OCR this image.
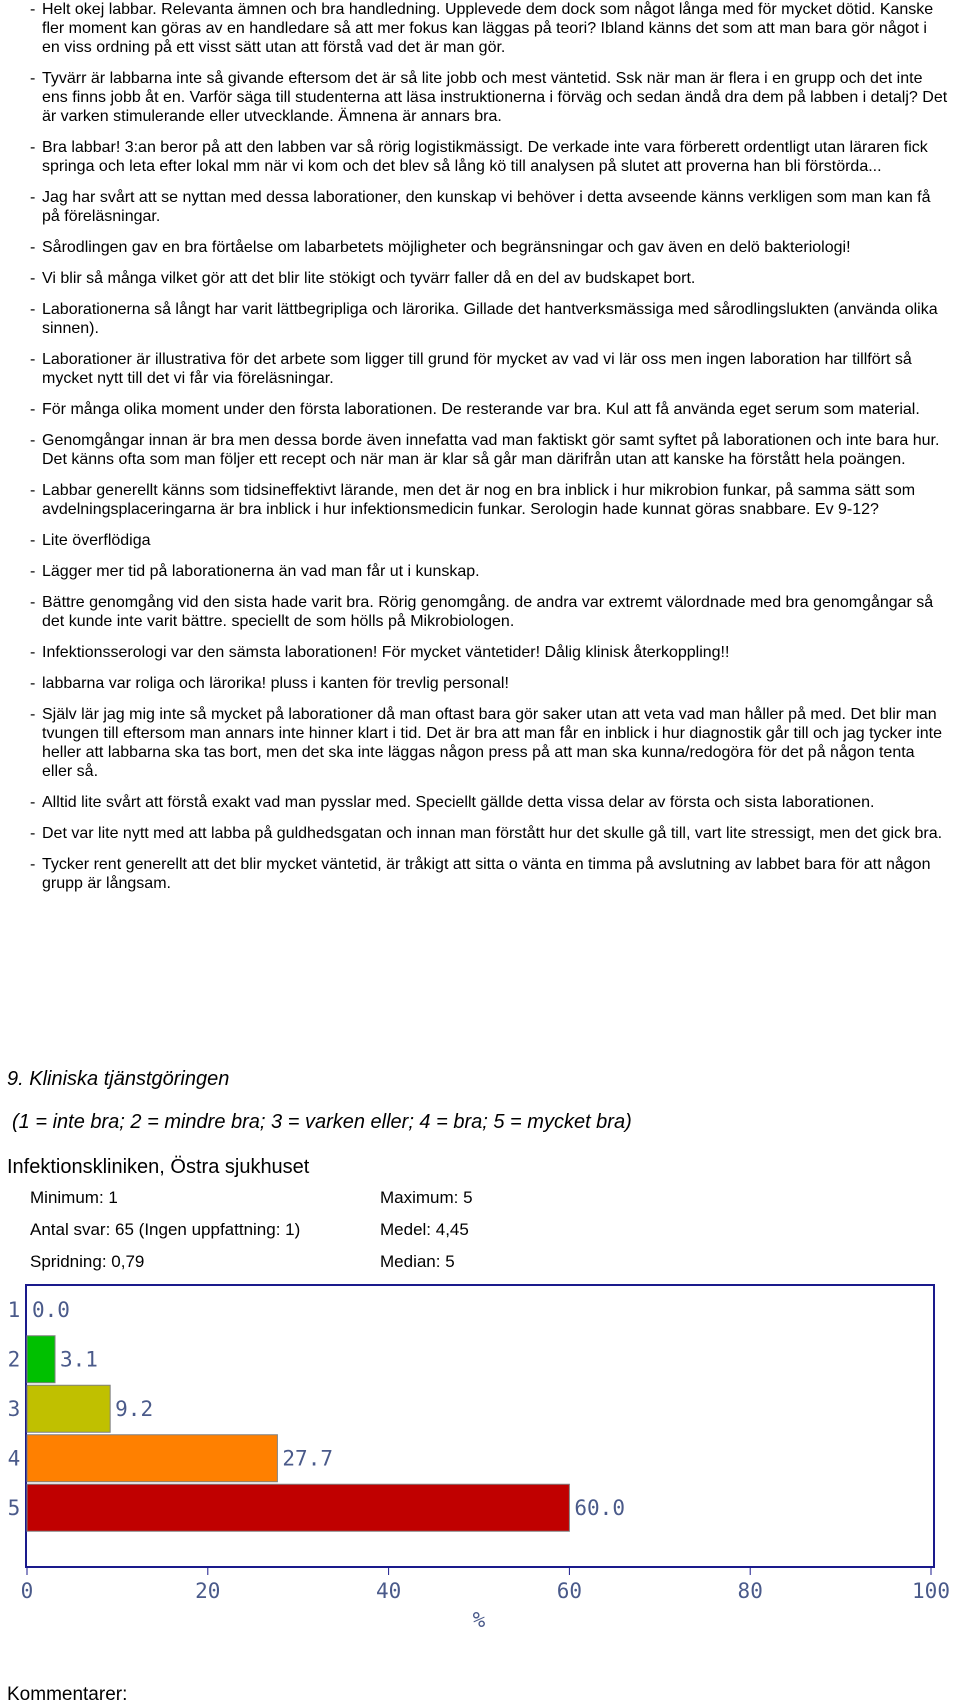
- Helt okej labbar. Relevanta ämnen och bra handledning. Upplevede dem dock som något långa med för mycket dötid. Kanske fler moment kan göras av en handledare så att mer fokus kan läggas på teori? Ibland känns det som att man bara gör något i en viss ordning på ett visst sätt utan att förstå vad det är man gör.
- Tyvärr är labbarna inte så givande eftersom det är så lite jobb och mest väntetid. Ssk när man är flera i en grupp och det inte ens finns jobb åt en. Varför säga till studenterna att läsa instruktionerna i förväg och sedan ändå dra dem på labben i detalj? Det är varken stimulerande eller utvecklande. Ämnena är annars bra.
- Bra labbar! 3:an beror på att den labben var så rörig logistikmässigt. De verkade inte vara förberett ordentligt utan läraren fick springa och leta efter lokal mm när vi kom och det blev så lång kö till analysen på slutet att proverna han bli förstörda...
- Jag har svårt att se nyttan med dessa laborationer, den kunskap vi behöver i detta avseende känns verkligen som man kan få på föreläsningar.
- Sårodlingen gav en bra förtåelse om labarbetets möjligheter och begränsningar och gav även en delö bakteriologi!
- Vi blir så många vilket gör att det blir lite stökigt och tyvärr faller då en del av budskapet bort.
- Laborationerna så långt har varit lättbegripliga och lärorika. Gillade det hantverksmässiga med sårodlingslukten (använda olika sinnen).
- Laborationer är illustrativa för det arbete som ligger till grund för mycket av vad vi lär oss men ingen laboration har tillfört så mycket nytt till det vi får via föreläsningar.
- För många olika moment under den första laborationen. De resterande var bra. Kul att få använda eget serum som material.
- Genomgångar innan är bra men dessa borde även innefatta vad man faktiskt gör samt syftet på laborationen och inte bara hur. Det känns ofta som man följer ett recept och när man är klar så går man därifrån utan att kanske ha förstått hela poängen.
- Labbar generellt känns som tidsineffektivt lärande, men det är nog en bra inblick i hur mikrobion funkar, på samma sätt som avdelningsplaceringarna är bra inblick i hur infektionsmedicin funkar. Serologin hade kunnat göras snabbare. Ev 9-12?
- Lite överflödiga
- Lägger mer tid på laborationerna än vad man får ut i kunskap.
- Bättre genomgång vid den sista hade varit bra. Rörig genomgång. de andra var extremt välordnade med bra genomgångar så det kunde inte varit bättre. speciellt de som hölls på Mikrobiologen.
- Infektionsserologi var den sämsta laborationen! För mycket väntetider! Dålig klinisk återkoppling!!
- labbarna var roliga och lärorika! pluss i kanten för trevlig personal!
- Själv lär jag mig inte så mycket på laborationer då man oftast bara gör saker utan att veta vad man håller på med. Det blir man tvungen till eftersom man annars inte hinner klart i tid. Det är bra att man får en inblick i hur diagnostik går till och jag tycker inte heller att labbarna ska tas bort, men det ska inte läggas någon press på att man ska kunna/redogöra för det på någon tenta eller så.
- Alltid lite svårt att förstå exakt vad man pysslar med. Speciellt gällde detta vissa delar av första och sista laborationen.
- Det var lite nytt med att labba på guldhedsgatan och innan man förstått hur det skulle gå till, vart lite stressigt, men det gick bra.
- Tycker rent generellt att det blir mycket väntetid, är tråkigt att sitta o vänta en timma på avslutning av labbet bara för att någon grupp är långsam.

9. Kliniska tjänstgöringen

(1 = inte bra; 2 = mindre bra; 3 = varken eller; 4 = bra; 5 = mycket bra)

Infektionskliniken, Östra sjukhuset

Minimum: 1	Maximum: 5
Antal svar: 65 (Ingen uppfattning: 1)	Medel: 4,45
Spridning: 0,79	Median: 5
1 0.0
2 3.1
3	9.2
4	27.7
5	60.0
0	20	40	60	80	100
%

Kommentarer:
